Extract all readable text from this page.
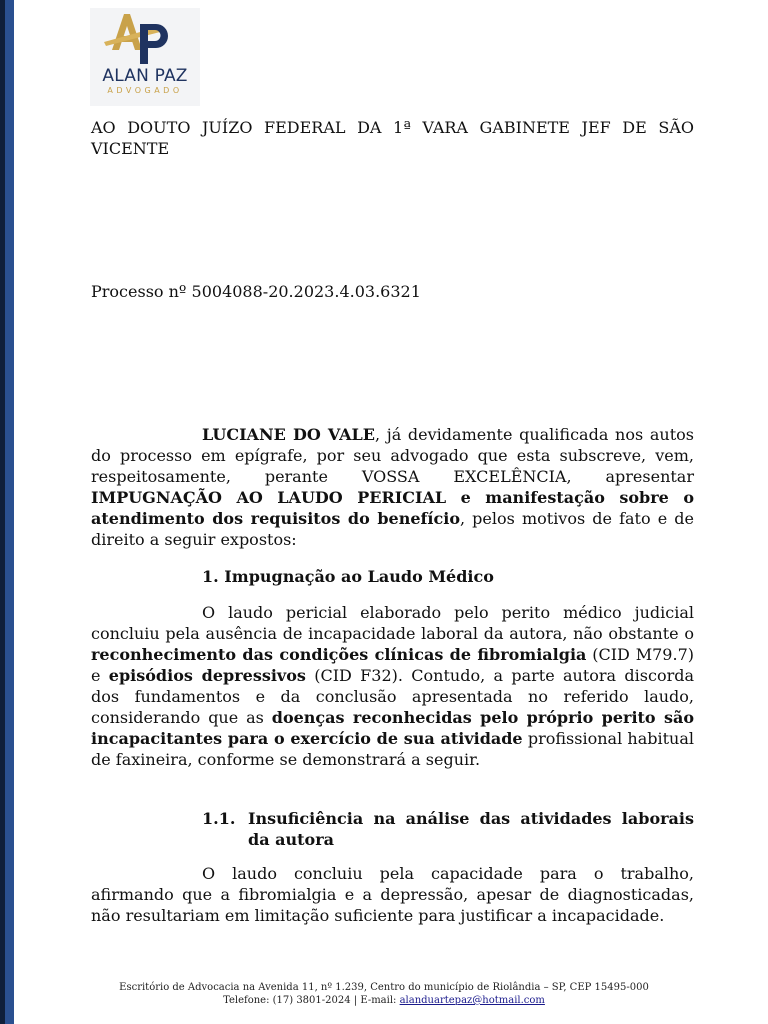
ALAN PAZ
ADVOGADO

AO DOUTO JUÍZO FEDERAL DA 1ª VARA GABINETE JEF DE SÃO VICENTE

Processo nº 5004088-20.2023.4.03.6321

LUCIANE DO VALE, já devidamente qualificada nos autos do processo em epígrafe, por seu advogado que esta subscreve, vem, respeitosamente, perante VOSSA EXCELÊNCIA, apresentar IMPUGNAÇÃO AO LAUDO PERICIAL e manifestação sobre o atendimento dos requisitos do benefício, pelos motivos de fato e de direito a seguir expostos:

1. Impugnação ao Laudo Médico

O laudo pericial elaborado pelo perito médico judicial concluiu pela ausência de incapacidade laboral da autora, não obstante o reconhecimento das condições clínicas de fibromialgia (CID M79.7) e episódios depressivos (CID F32). Contudo, a parte autora discorda dos fundamentos e da conclusão apresentada no referido laudo, considerando que as doenças reconhecidas pelo próprio perito são incapacitantes para o exercício de sua atividade profissional habitual de faxineira, conforme se demonstrará a seguir.

1.1. Insuficiência na análise das atividades laborais da autora

O laudo concluiu pela capacidade para o trabalho, afirmando que a fibromialgia e a depressão, apesar de diagnosticadas, não resultariam em limitação suficiente para justificar a incapacidade.

Escritório de Advocacia na Avenida 11, nº 1.239, Centro do município de Riolândia – SP, CEP 15495-000
Telefone: (17) 3801-2024 | E-mail: alanduartepaz@hotmail.com
